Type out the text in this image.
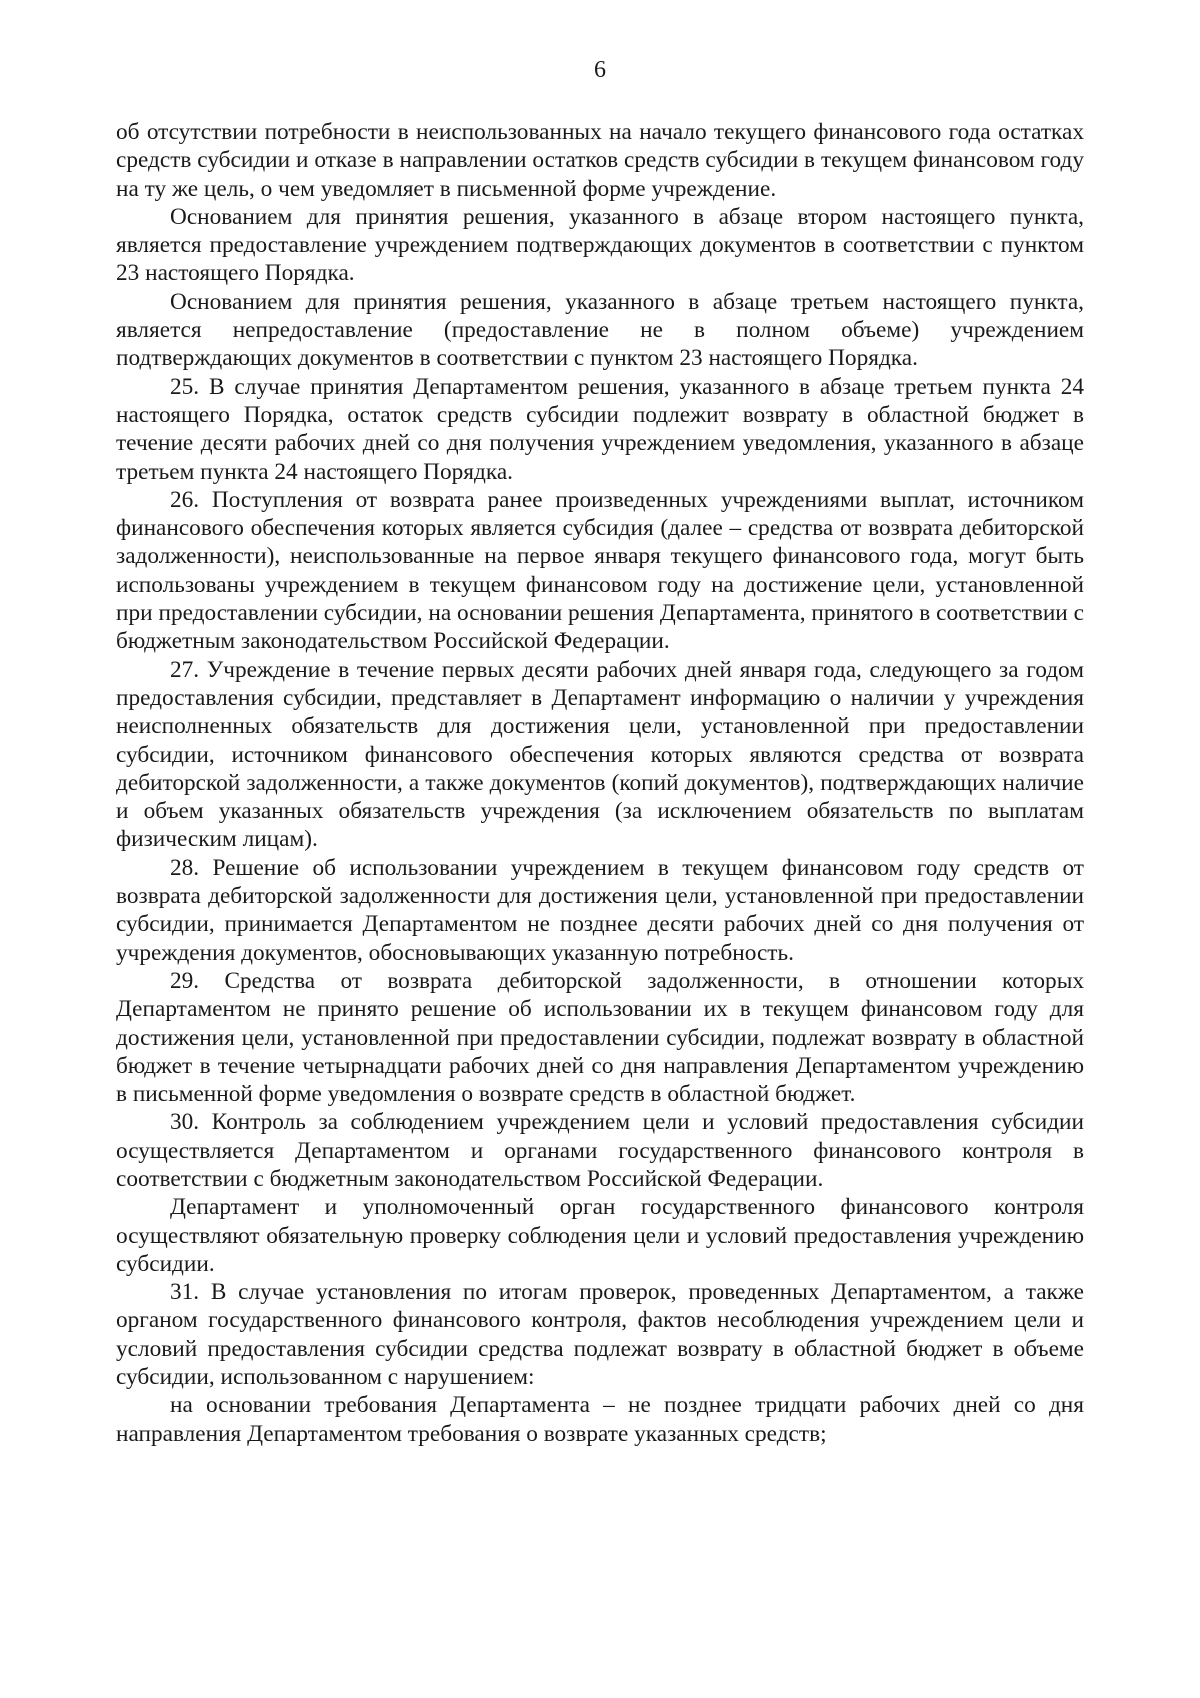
6

об отсутствии потребности в неиспользованных на начало текущего финансового года остатках средств субсидии и отказе в направлении остатков средств субсидии в текущем финансовом году на ту же цель, о чем уведомляет в письменной форме учреждение.

Основанием для принятия решения, указанного в абзаце втором настоящего пункта, является предоставление учреждением подтверждающих документов в соответствии с пунктом 23 настоящего Порядка.

Основанием для принятия решения, указанного в абзаце третьем настоящего пункта, является непредоставление (предоставление не в полном объеме) учреждением подтверждающих документов в соответствии с пунктом 23 настоящего Порядка.

25. В случае принятия Департаментом решения, указанного в абзаце третьем пункта 24 настоящего Порядка, остаток средств субсидии подлежит возврату в областной бюджет в течение десяти рабочих дней со дня получения учреждением уведомления, указанного в абзаце третьем пункта 24 настоящего Порядка.

26. Поступления от возврата ранее произведенных учреждениями выплат, источником финансового обеспечения которых является субсидия (далее – средства от возврата дебиторской задолженности), неиспользованные на первое января текущего финансового года, могут быть использованы учреждением в текущем финансовом году на достижение цели, установленной при предоставлении субсидии, на основании решения Департамента, принятого в соответствии с бюджетным законодательством Российской Федерации.

27. Учреждение в течение первых десяти рабочих дней января года, следующего за годом предоставления субсидии, представляет в Департамент информацию о наличии у учреждения неисполненных обязательств для достижения цели, установленной при предоставлении субсидии, источником финансового обеспечения которых являются средства от возврата дебиторской задолженности, а также документов (копий документов), подтверждающих наличие и объем указанных обязательств учреждения (за исключением обязательств по выплатам физическим лицам).

28. Решение об использовании учреждением в текущем финансовом году средств от возврата дебиторской задолженности для достижения цели, установленной при предоставлении субсидии, принимается Департаментом не позднее десяти рабочих дней со дня получения от учреждения документов, обосновывающих указанную потребность.

29. Средства от возврата дебиторской задолженности, в отношении которых Департаментом не принято решение об использовании их в текущем финансовом году для достижения цели, установленной при предоставлении субсидии, подлежат возврату в областной бюджет в течение четырнадцати рабочих дней со дня направления Департаментом учреждению в письменной форме уведомления о возврате средств в областной бюджет.

30. Контроль за соблюдением учреждением цели и условий предоставления субсидии осуществляется Департаментом и органами государственного финансового контроля в соответствии с бюджетным законодательством Российской Федерации.

Департамент и уполномоченный орган государственного финансового контроля осуществляют обязательную проверку соблюдения цели и условий предоставления учреждению субсидии.

31. В случае установления по итогам проверок, проведенных Департаментом, а также органом государственного финансового контроля, фактов несоблюдения учреждением цели и условий предоставления субсидии средства подлежат возврату в областной бюджет в объеме субсидии, использованном с нарушением:

на основании требования Департамента – не позднее тридцати рабочих дней со дня направления Департаментом требования о возврате указанных средств;
